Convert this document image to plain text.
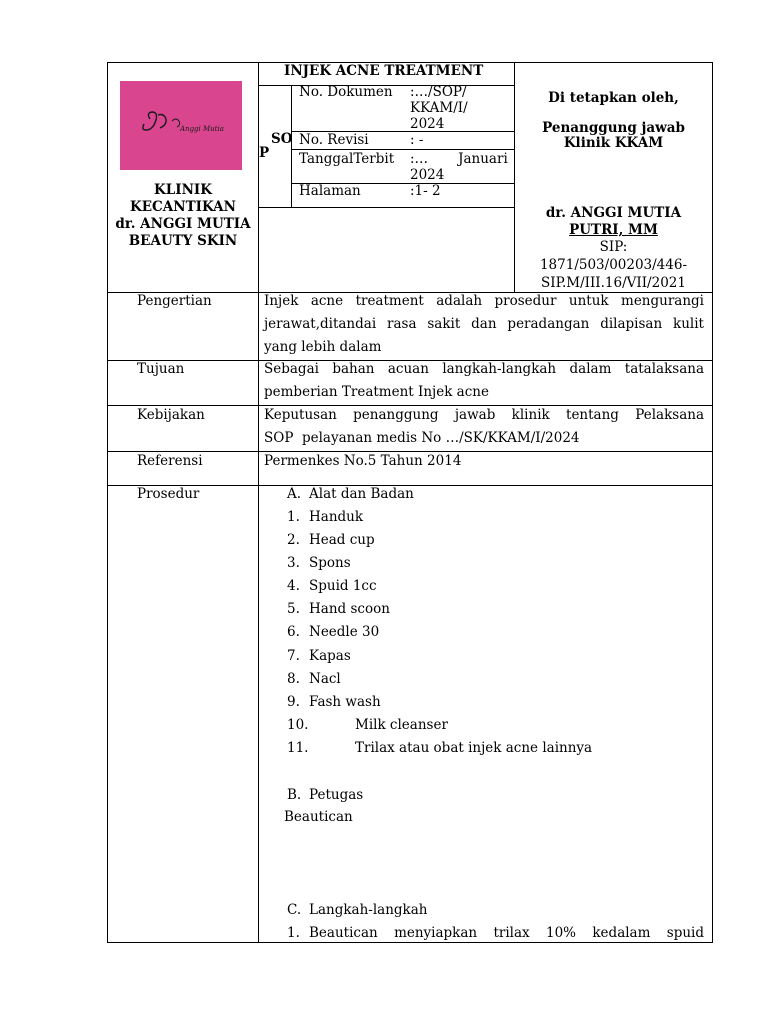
Anggi Mutia
KLINIK
KECANTIKAN
dr. ANGGI MUTIA
BEAUTY SKIN
INJEK ACNE TREATMENT
SO
P
No. Dokumen :…/SOP/
KKAM/I/
2024
No. Revisi	: -
TanggalTerbit :…       Januari
2024
Halaman	:1- 2
Di tetapkan oleh,
Penanggung jawab
Klinik KKAM
dr. ANGGI MUTIA
PUTRI, MM
SIP:
1871/503/00203/446-
SIP.M/III.16/VII/2021
Pengertian	Injek acne treatment adalah prosedur untuk mengurangi
jerawat,ditandai rasa sakit dan peradangan dilapisan kulit
yang lebih dalam
Tujuan	Sebagai bahan acuan langkah-langkah dalam tatalaksana
pemberian Treatment Injek acne
Kebijakan	Keputusan penanggung jawab klinik tentang Pelaksana
SOP  pelayanan medis No …/SK/KKAM/I/2024
Referensi	Permenkes No.5 Tahun 2014
Prosedur	A. Alat dan Badan
1. Handuk
2. Head cup
3. Spons
4. Spuid 1cc
5. Hand scoon
6. Needle 30
7. Kapas
8. Nacl
9. Fash wash
10.	Milk cleanser
11.	Trilax atau obat injek acne lainnya
B. Petugas
Beautican
C. Langkah-langkah
1. Beautican menyiapkan trilax 10% kedalam spuid
